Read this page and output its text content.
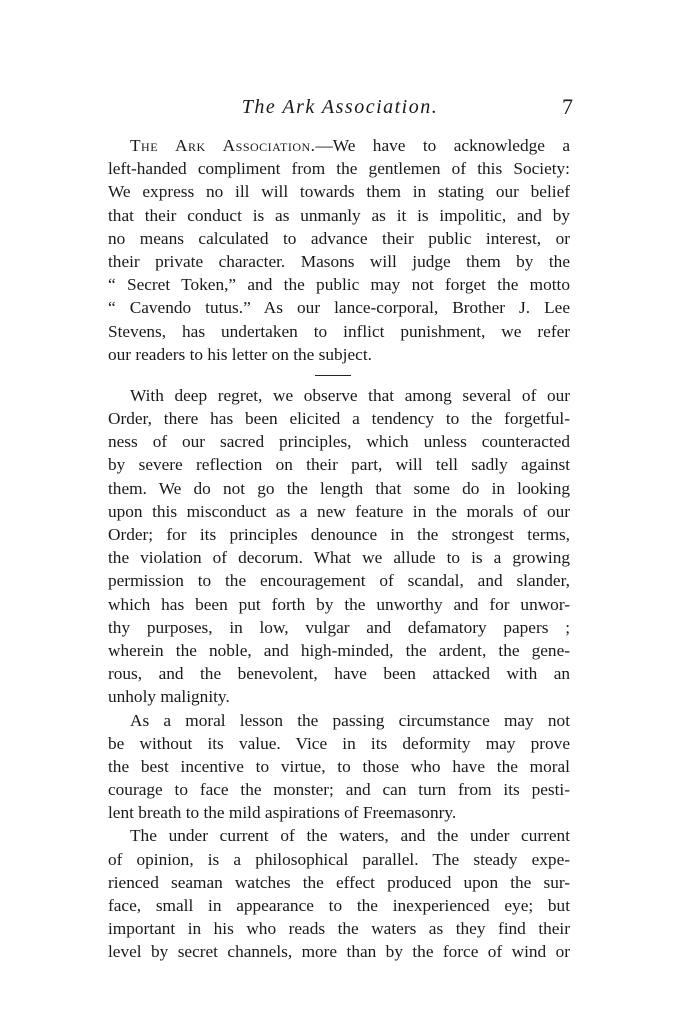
The Ark Association.	7
The Ark Association.—We have to acknowledge a
left-handed compliment from the gentlemen of this Society:
We express no ill will towards them in stating our belief
that their conduct is as unmanly as it is impolitic, and by
no means calculated to advance their public interest, or
their private character. Masons will judge them by the
“ Secret Token,” and the public may not forget the motto
“ Cavendo tutus.” As our lance-corporal, Brother J. Lee
Stevens, has undertaken to inflict punishment, we refer
our readers to his letter on the subject.
With deep regret, we observe that among several of our
Order, there has been elicited a tendency to the forgetful-
ness of our sacred principles, which unless counteracted
by severe reflection on their part, will tell sadly against
them. We do not go the length that some do in looking
upon this misconduct as a new feature in the morals of our
Order; for its principles denounce in the strongest terms,
the violation of decorum. What we allude to is a growing
permission to the encouragement of scandal, and slander,
which has been put forth by the unworthy and for unwor-
thy purposes, in low, vulgar and defamatory papers ;
wherein the noble, and high-minded, the ardent, the gene-
rous, and the benevolent, have been attacked with an
unholy malignity.
As a moral lesson the passing circumstance may not
be without its value. Vice in its deformity may prove
the best incentive to virtue, to those who have the moral
courage to face the monster; and can turn from its pesti-
lent breath to the mild aspirations of Freemasonry.
The under current of the waters, and the under current
of opinion, is a philosophical parallel. The steady expe-
rienced seaman watches the effect produced upon the sur-
face, small in appearance to the inexperienced eye; but
important in his who reads the waters as they find their
level by secret channels, more than by the force of wind or
